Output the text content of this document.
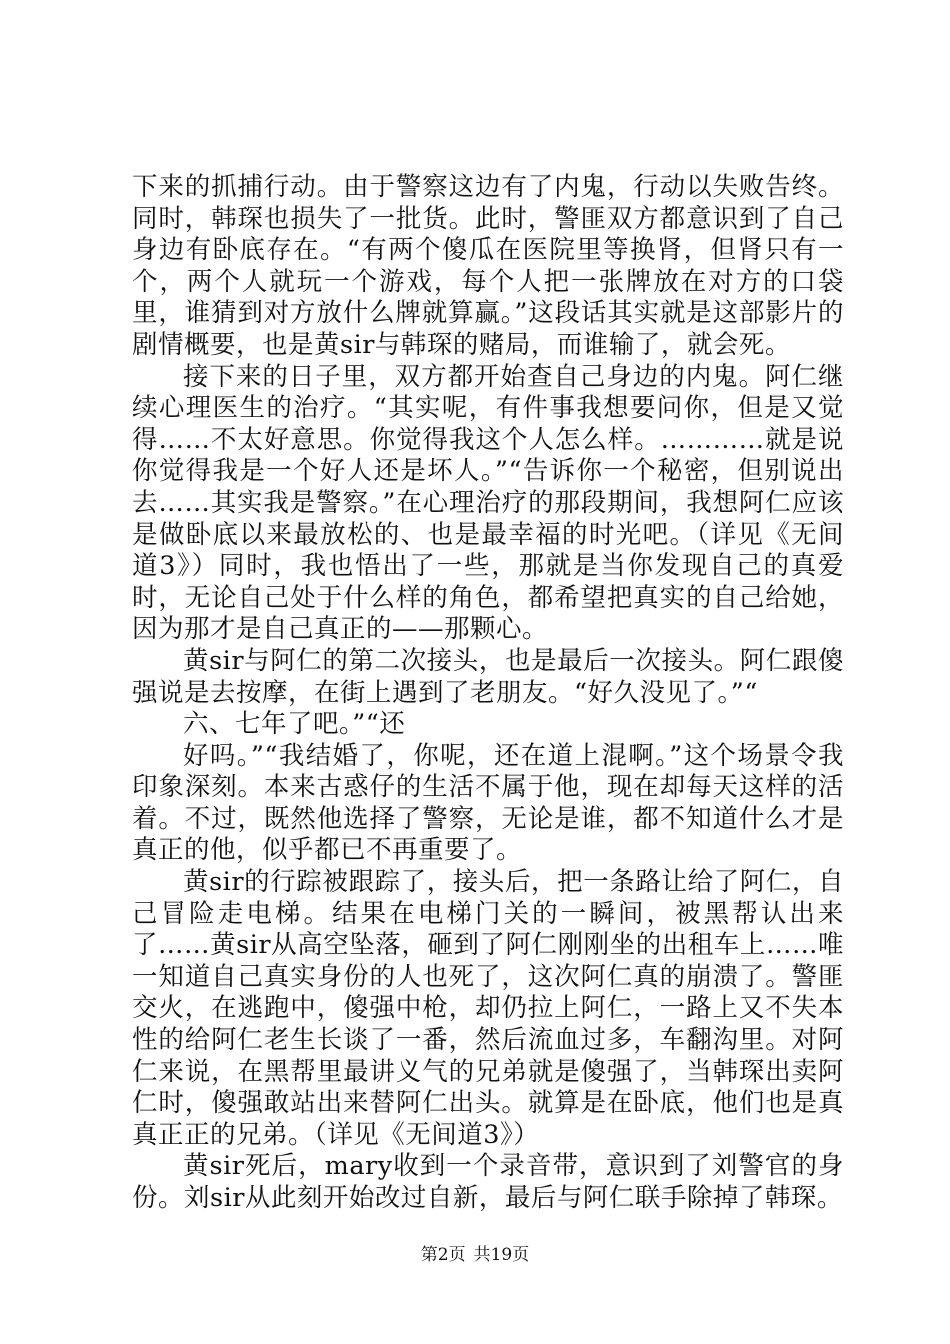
下来的抓捕行动。由于警察这边有了内鬼，行动以失败告终。同时，韩琛也损失了一批货。此时，警匪双方都意识到了自己身边有卧底存在。“有两个傻瓜在医院里等换肾，但肾只有一个，两个人就玩一个游戏，每个人把一张牌放在对方的口袋里，谁猜到对方放什么牌就算赢。”这段话其实就是这部影片的剧情概要，也是黄sir与韩琛的赌局，而谁输了，就会死。

接下来的日子里，双方都开始查自己身边的内鬼。阿仁继续心理医生的治疗。“其实呢，有件事我想要问你，但是又觉得……不太好意思。你觉得我这个人怎么样。…………就是说你觉得我是一个好人还是坏人。”“告诉你一个秘密，但别说出去……其实我是警察。”在心理治疗的那段期间，我想阿仁应该是做卧底以来最放松的、也是最幸福的时光吧。（详见《无间道3》）同时，我也悟出了一些，那就是当你发现自己的真爱时，无论自己处于什么样的角色，都希望把真实的自己给她，因为那才是自己真正的——那颗心。

黄sir与阿仁的第二次接头，也是最后一次接头。阿仁跟傻强说是去按摩，在街上遇到了老朋友。“好久没见了。”“

六、七年了吧。”“还

好吗。”“我结婚了，你呢，还在道上混啊。”这个场景令我印象深刻。本来古惑仔的生活不属于他，现在却每天这样的活着。不过，既然他选择了警察，无论是谁，都不知道什么才是真正的他，似乎都已不再重要了。

黄sir的行踪被跟踪了，接头后，把一条路让给了阿仁，自己冒险走电梯。结果在电梯门关的一瞬间，被黑帮认出来了……黄sir从高空坠落，砸到了阿仁刚刚坐的出租车上……唯一知道自己真实身份的人也死了，这次阿仁真的崩溃了。警匪交火，在逃跑中，傻强中枪，却仍拉上阿仁，一路上又不失本性的给阿仁老生长谈了一番，然后流血过多，车翻沟里。对阿仁来说，在黑帮里最讲义气的兄弟就是傻强了，当韩琛出卖阿仁时，傻强敢站出来替阿仁出头。就算是在卧底，他们也是真真正正的兄弟。（详见《无间道3》）

黄sir死后，mary收到一个录音带，意识到了刘警官的身份。刘sir从此刻开始改过自新，最后与阿仁联手除掉了韩琛。

第2页 共19页
